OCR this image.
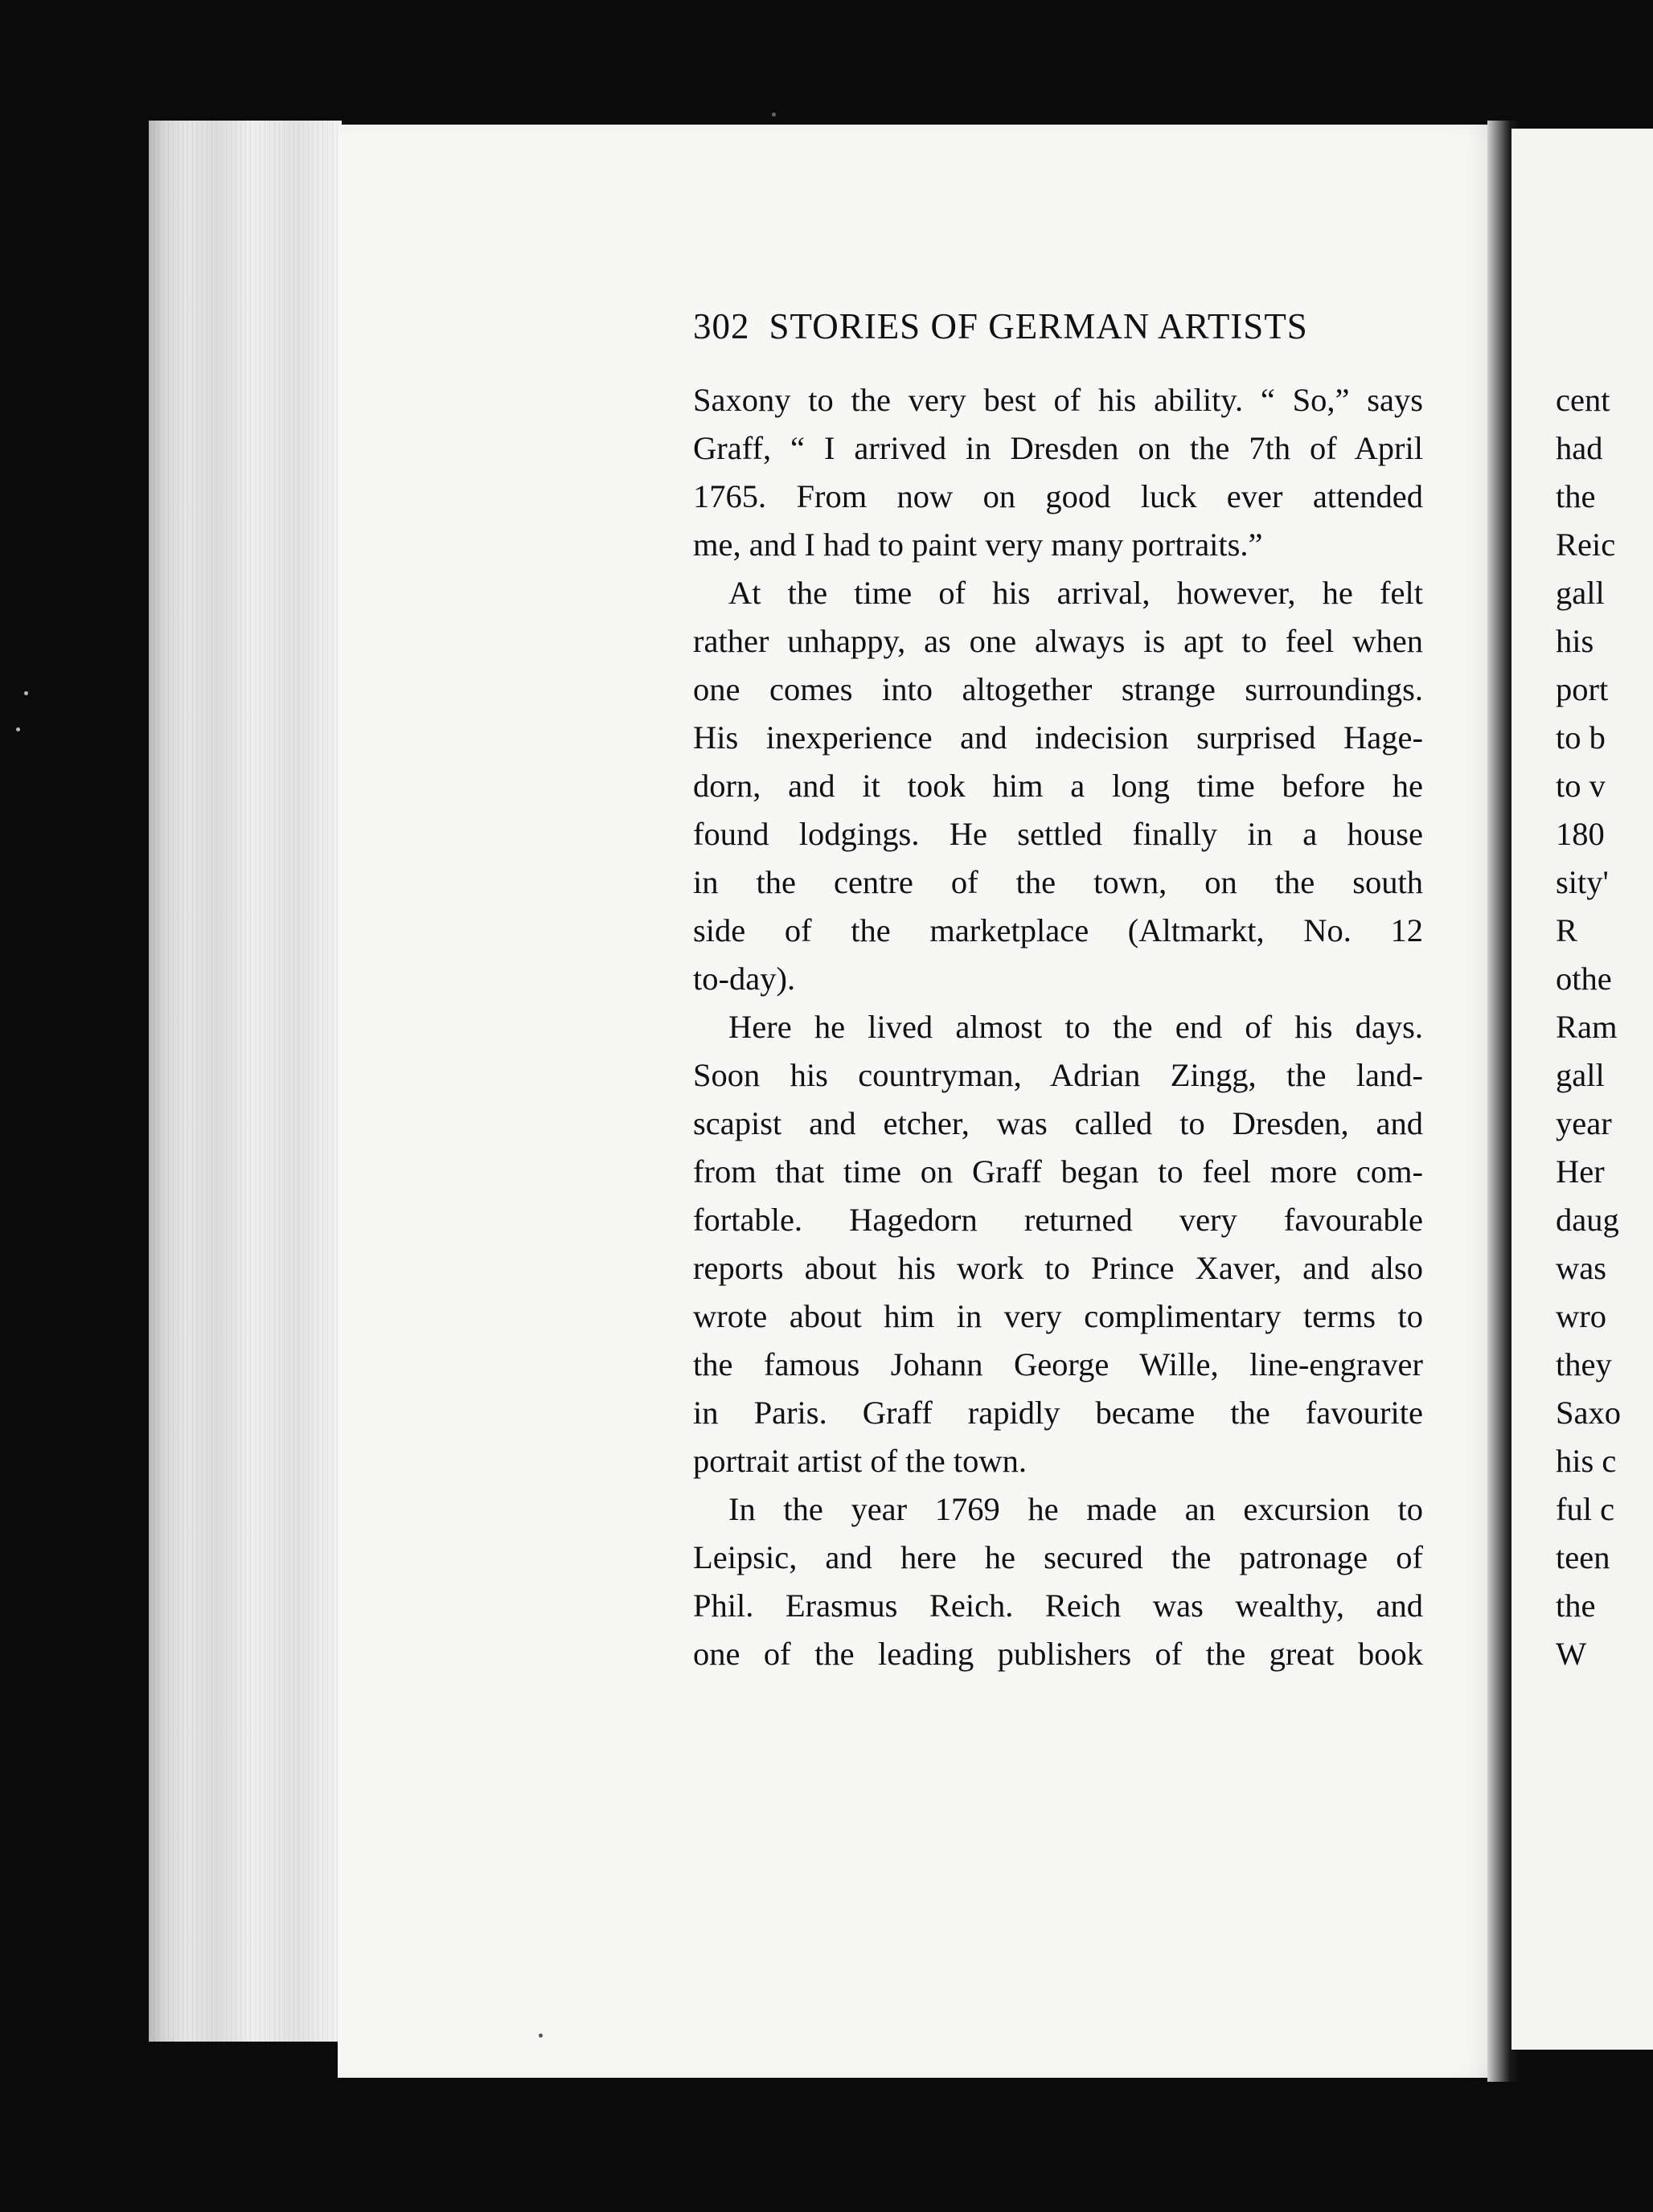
302 STORIES OF GERMAN ARTISTS
Saxony to the very best of his ability. “ So,” says
Graff, “ I arrived in Dresden on the 7th of April
1765. From now on good luck ever attended
me, and I had to paint very many portraits.”
At the time of his arrival, however, he felt
rather unhappy, as one always is apt to feel when
one comes into altogether strange surroundings.
His inexperience and indecision surprised Hage-
dorn, and it took him a long time before he
found lodgings. He settled finally in a house
in the centre of the town, on the south
side of the marketplace (Altmarkt, No. 12
to-day).
Here he lived almost to the end of his days.
Soon his countryman, Adrian Zingg, the land-
scapist and etcher, was called to Dresden, and
from that time on Graff began to feel more com-
fortable. Hagedorn returned very favourable
reports about his work to Prince Xaver, and also
wrote about him in very complimentary terms to
the famous Johann George Wille, line-engraver
in Paris. Graff rapidly became the favourite
portrait artist of the town.
In the year 1769 he made an excursion to
Leipsic, and here he secured the patronage of
Phil. Erasmus Reich. Reich was wealthy, and
one of the leading publishers of the great book
cent
had
the
Reic
gall
his
port
to b
to v
180
sity'
R
othe
Ram
gall
year
Her
daug
was
wro
they
Saxo
his c
ful c
teen
the
W
